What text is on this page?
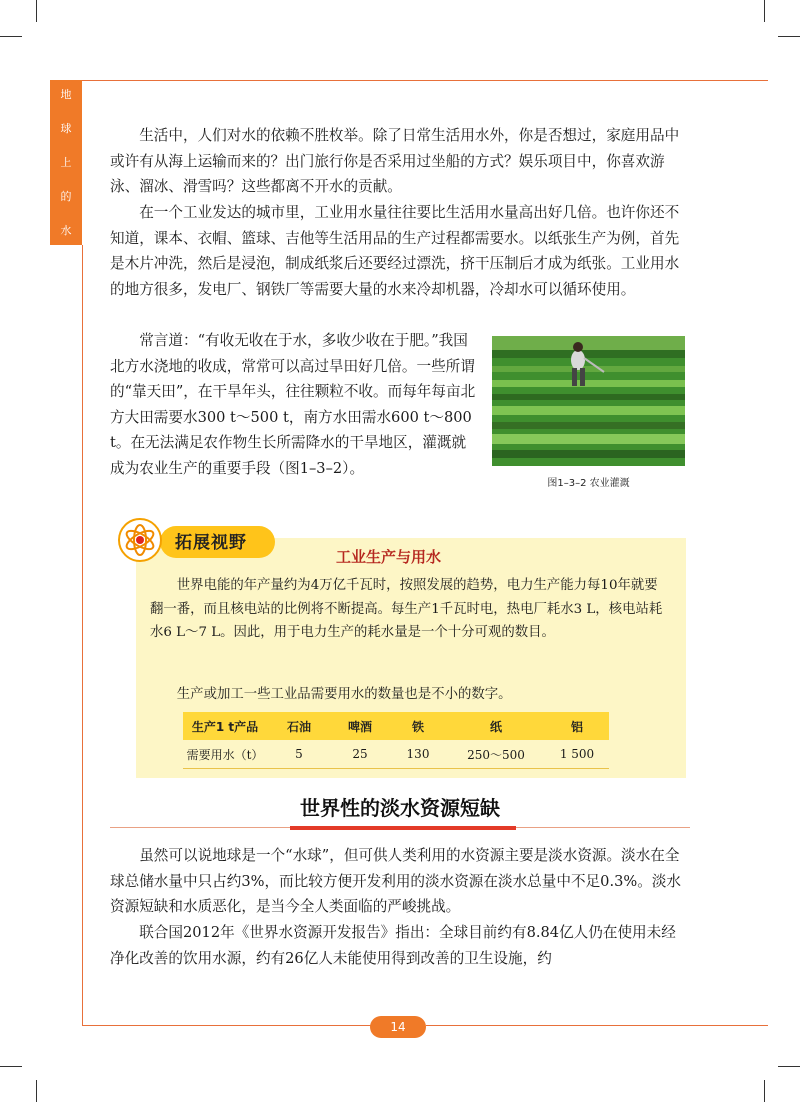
地
球
上
的
水

生活中，人们对水的依赖不胜枚举。除了日常生活用水外，你是否想过，家庭用品中或许有从海上运输而来的？出门旅行你是否采用过坐船的方式？娱乐项目中，你喜欢游泳、溜冰、滑雪吗？这些都离不开水的贡献。

在一个工业发达的城市里，工业用水量往往要比生活用水量高出好几倍。也许你还不知道，课本、衣帽、篮球、吉他等生活用品的生产过程都需要水。以纸张生产为例，首先是木片冲洗，然后是浸泡，制成纸浆后还要经过漂洗，挤干压制后才成为纸张。工业用水的地方很多，发电厂、钢铁厂等需要大量的水来冷却机器，冷却水可以循环使用。

常言道：“有收无收在于水，多收少收在于肥。”我国北方水浇地的收成，常常可以高过旱田好几倍。一些所谓的“靠天田”，在干旱年头，往往颗粒不收。而每年每亩北方大田需要水300 t～500 t，南方水田需水600 t～800 t。在无法满足农作物生长所需降水的干旱地区，灌溉就成为农业生产的重要手段（图1–3–2）。

图1–3–2 农业灌溉
拓展视野
工业生产与用水

世界电能的年产量约为4万亿千瓦时，按照发展的趋势，电力生产能力每10年就要翻一番，而且核电站的比例将不断提高。每生产1千瓦时电，热电厂耗水3 L，核电站耗水6 L～7 L。因此，用于电力生产的耗水量是一个十分可观的数目。

生产或加工一些工业品需要用水的数量也是不小的数字。

生产1 t产品	石油	啤酒	铁	纸	铝
需要用水（t）	5	25	130	250～500	1 500
世界性的淡水资源短缺

虽然可以说地球是一个“水球”，但可供人类利用的水资源主要是淡水资源。淡水在全球总储水量中只占约3%，而比较方便开发利用的淡水资源在淡水总量中不足0.3%。淡水资源短缺和水质恶化，是当今全人类面临的严峻挑战。

联合国2012年《世界水资源开发报告》指出：全球目前约有8.84亿人仍在使用未经净化改善的饮用水源，约有26亿人未能使用得到改善的卫生设施，约

14
